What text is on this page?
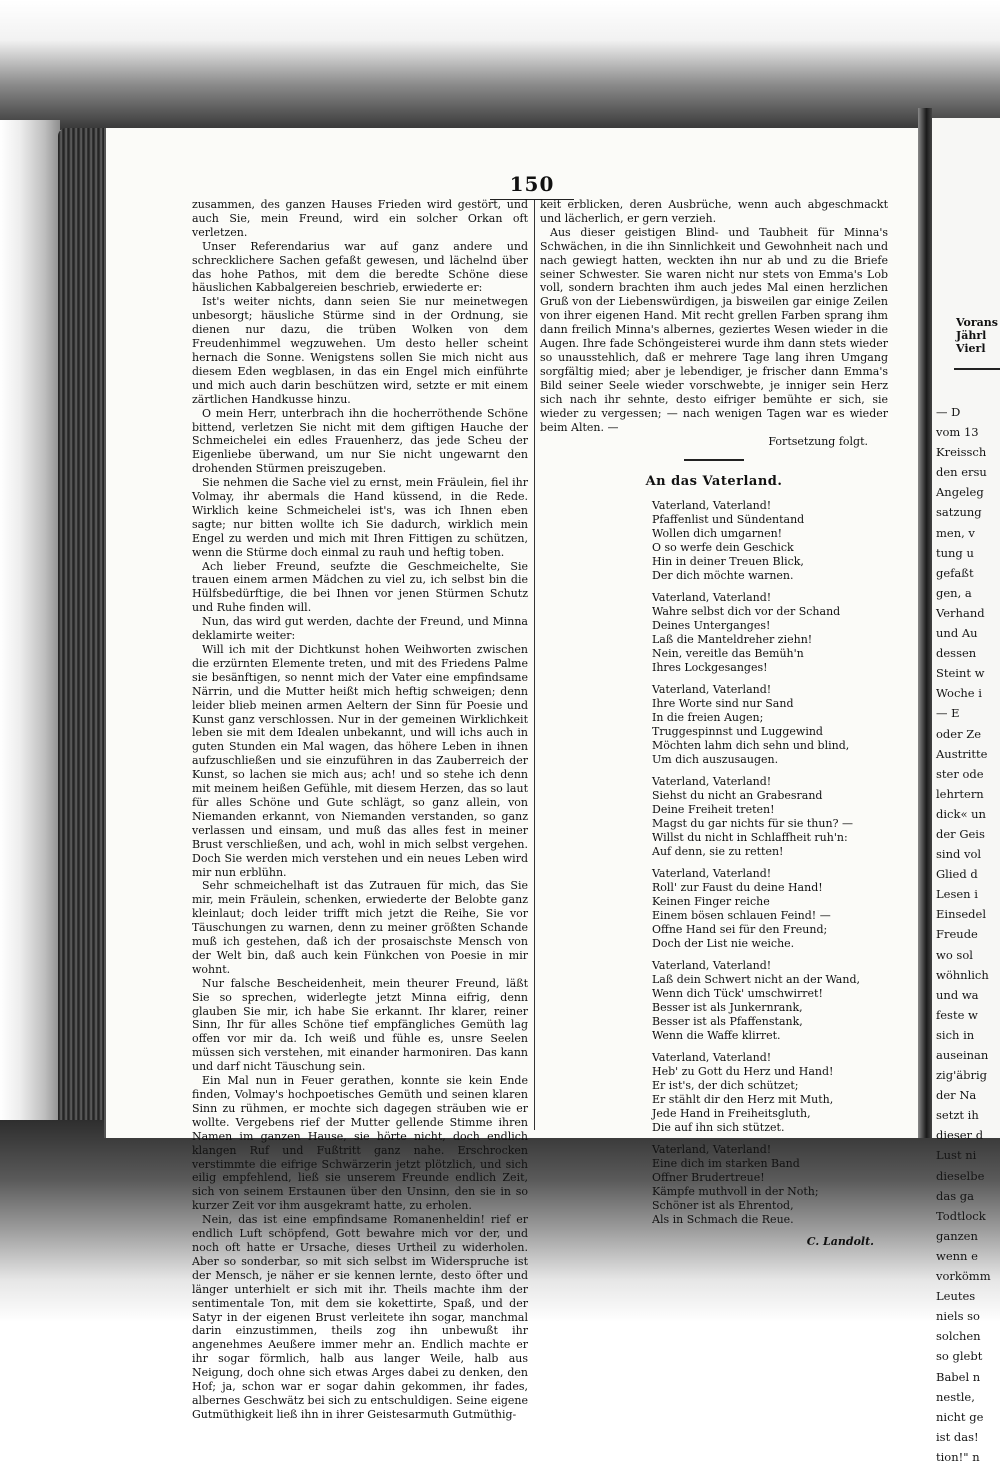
150

zusammen, des ganzen Hauses Frieden wird gestört, und auch Sie, mein Freund, wird ein solcher Orkan oft verletzen.

Unser Referendarius war auf ganz andere und schrecklichere Sachen gefaßt gewesen, und lächelnd über das hohe Pathos, mit dem die beredte Schöne diese häuslichen Kabbalgereien beschrieb, erwiederte er:

Ist's weiter nichts, dann seien Sie nur meinetwegen unbesorgt; häusliche Stürme sind in der Ordnung, sie dienen nur dazu, die trüben Wolken von dem Freudenhimmel wegzuwehen. Um desto heller scheint hernach die Sonne. Wenigstens sollen Sie mich nicht aus diesem Eden wegblasen, in das ein Engel mich einführte und mich auch darin beschützen wird, setzte er mit einem zärtlichen Handkusse hinzu.

O mein Herr, unterbrach ihn die hocherröthende Schöne bittend, verletzen Sie nicht mit dem giftigen Hauche der Schmeichelei ein edles Frauenherz, das jede Scheu der Eigenliebe überwand, um nur Sie nicht ungewarnt den drohenden Stürmen preiszugeben.

Sie nehmen die Sache viel zu ernst, mein Fräulein, fiel ihr Volmay, ihr abermals die Hand küssend, in die Rede. Wirklich keine Schmeichelei ist's, was ich Ihnen eben sagte; nur bitten wollte ich Sie dadurch, wirklich mein Engel zu werden und mich mit Ihren Fittigen zu schützen, wenn die Stürme doch einmal zu rauh und heftig toben.

Ach lieber Freund, seufzte die Geschmeichelte, Sie trauen einem armen Mädchen zu viel zu, ich selbst bin die Hülfsbedürftige, die bei Ihnen vor jenen Stürmen Schutz und Ruhe finden will.

Nun, das wird gut werden, dachte der Freund, und Minna deklamirte weiter:

Will ich mit der Dichtkunst hohen Weihworten zwischen die erzürnten Elemente treten, und mit des Friedens Palme sie besänftigen, so nennt mich der Vater eine empfindsame Närrin, und die Mutter heißt mich heftig schweigen; denn leider blieb meinen armen Aeltern der Sinn für Poesie und Kunst ganz verschlossen. Nur in der gemeinen Wirklichkeit leben sie mit dem Idealen unbekannt, und will ichs auch in guten Stunden ein Mal wagen, das höhere Leben in ihnen aufzuschließen und sie einzuführen in das Zauberreich der Kunst, so lachen sie mich aus; ach! und so stehe ich denn mit meinem heißen Gefühle, mit diesem Herzen, das so laut für alles Schöne und Gute schlägt, so ganz allein, von Niemanden erkannt, von Niemanden verstanden, so ganz verlassen und einsam, und muß das alles fest in meiner Brust verschließen, und ach, wohl in mich selbst vergehen. Doch Sie werden mich verstehen und ein neues Leben wird mir nun erblühn.

Sehr schmeichelhaft ist das Zutrauen für mich, das Sie mir, mein Fräulein, schenken, erwiederte der Belobte ganz kleinlaut; doch leider trifft mich jetzt die Reihe, Sie vor Täuschungen zu warnen, denn zu meiner größten Schande muß ich gestehen, daß ich der prosaischste Mensch von der Welt bin, daß auch kein Fünkchen von Poesie in mir wohnt.

Nur falsche Bescheidenheit, mein theurer Freund, läßt Sie so sprechen, widerlegte jetzt Minna eifrig, denn glauben Sie mir, ich habe Sie erkannt. Ihr klarer, reiner Sinn, Ihr für alles Schöne tief empfängliches Gemüth lag offen vor mir da. Ich weiß und fühle es, unsre Seelen müssen sich verstehen, mit einander harmoniren. Das kann und darf nicht Täuschung sein.

Ein Mal nun in Feuer gerathen, konnte sie kein Ende finden, Volmay's hochpoetisches Gemüth und seinen klaren Sinn zu rühmen, er mochte sich dagegen sträuben wie er wollte. Vergebens rief der Mutter gellende Stimme ihren Namen im ganzen Hause, sie hörte nicht, doch endlich klangen Ruf und Fußtritt ganz nahe. Erschrocken verstimmte die eifrige Schwärzerin jetzt plötzlich, und sich eilig empfehlend, ließ sie unserem Freunde endlich Zeit, sich von seinem Erstaunen über den Unsinn, den sie in so kurzer Zeit vor ihm ausgekramt hatte, zu erholen.

Nein, das ist eine empfindsame Romanenheldin! rief er endlich Luft schöpfend, Gott bewahre mich vor der, und noch oft hatte er Ursache, dieses Urtheil zu widerholen. Aber so sonderbar, so mit sich selbst im Widerspruche ist der Mensch, je näher er sie kennen lernte, desto öfter und länger unterhielt er sich mit ihr. Theils machte ihm der sentimentale Ton, mit dem sie kokettirte, Spaß, und der Satyr in der eigenen Brust verleitete ihn sogar, manchmal darin einzustimmen, theils zog ihn unbewußt ihr angenehmes Aeußere immer mehr an. Endlich machte er ihr sogar förmlich, halb aus langer Weile, halb aus Neigung, doch ohne sich etwas Arges dabei zu denken, den Hof; ja, schon war er sogar dahin gekommen, ihr fades, albernes Geschwätz bei sich zu entschuldigen. Seine eigene Gutmüthigkeit ließ ihn in ihrer Geistesarmuth Gutmüthig-

keit erblicken, deren Ausbrüche, wenn auch abgeschmackt und lächerlich, er gern verzieh.

Aus dieser geistigen Blind- und Taubheit für Minna's Schwächen, in die ihn Sinnlichkeit und Gewohnheit nach und nach gewiegt hatten, weckten ihn nur ab und zu die Briefe seiner Schwester. Sie waren nicht nur stets von Emma's Lob voll, sondern brachten ihm auch jedes Mal einen herzlichen Gruß von der Liebenswürdigen, ja bisweilen gar einige Zeilen von ihrer eigenen Hand. Mit recht grellen Farben sprang ihm dann freilich Minna's albernes, geziertes Wesen wieder in die Augen. Ihre fade Schöngeisterei wurde ihm dann stets wieder so unausstehlich, daß er mehrere Tage lang ihren Umgang sorgfältig mied; aber je lebendiger, je frischer dann Emma's Bild seiner Seele wieder vorschwebte, je inniger sein Herz sich nach ihr sehnte, desto eifriger bemühte er sich, sie wieder zu vergessen; — nach wenigen Tagen war es wieder beim Alten. —

Fortsetzung folgt.
An das Vaterland.
Vaterland, Vaterland!
Pfaffenlist und Sündentand
Wollen dich umgarnen!
O so werfe dein Geschick
Hin in deiner Treuen Blick,
Der dich möchte warnen.
Vaterland, Vaterland!
Wahre selbst dich vor der Schand
Deines Unterganges!
Laß die Manteldreher ziehn!
Nein, vereitle das Bemüh'n
Ihres Lockgesanges!
Vaterland, Vaterland!
Ihre Worte sind nur Sand
In die freien Augen;
Truggespinnst und Luggewind
Möchten lahm dich sehn und blind,
Um dich auszusaugen.
Vaterland, Vaterland!
Siehst du nicht an Grabesrand
Deine Freiheit treten!
Magst du gar nichts für sie thun? —
Willst du nicht in Schlaffheit ruh'n:
Auf denn, sie zu retten!
Vaterland, Vaterland!
Roll' zur Faust du deine Hand!
Keinen Finger reiche
Einem bösen schlauen Feind! —
Offne Hand sei für den Freund;
Doch der List nie weiche.
Vaterland, Vaterland!
Laß dein Schwert nicht an der Wand,
Wenn dich Tück' umschwirret!
Besser ist als Junkernrank,
Besser ist als Pfaffenstank,
Wenn die Waffe klirret.
Vaterland, Vaterland!
Heb' zu Gott du Herz und Hand!
Er ist's, der dich schützet;
Er stählt dir den Herz mit Muth,
Jede Hand in Freiheitsgluth,
Die auf ihn sich stützet.
Vaterland, Vaterland!
Eine dich im starken Band
Offner Brudertreue!
Kämpfe muthvoll in der Noth;
Schöner ist als Ehrentod,
Als in Schmach die Reue.
C. Landolt.
Vorans
Jährl
Vierl
— D
vom 13
Kreissch
den ersu
Angeleg
satzung
men, v
tung u
gefaßt
gen, a
Verhand
und Au
dessen
Steint w
Woche i
— E
oder Ze
Austritte
ster ode
lehrtern
dick« un
der Geis
sind vol
Glied d
Lesen i
Einsedel
Freude
wo sol
wöhnlich
und wa
feste w
sich in
auseinan
zig'äbrig
der Na
setzt ih
dieser d
Lust ni
dieselbe
das ga
Todtlock
ganzen
wenn e
vorkömm
Leutes
niels so
solchen
so glebt
Babel n
nestle,
nicht ge
ist das!
tion!" n
